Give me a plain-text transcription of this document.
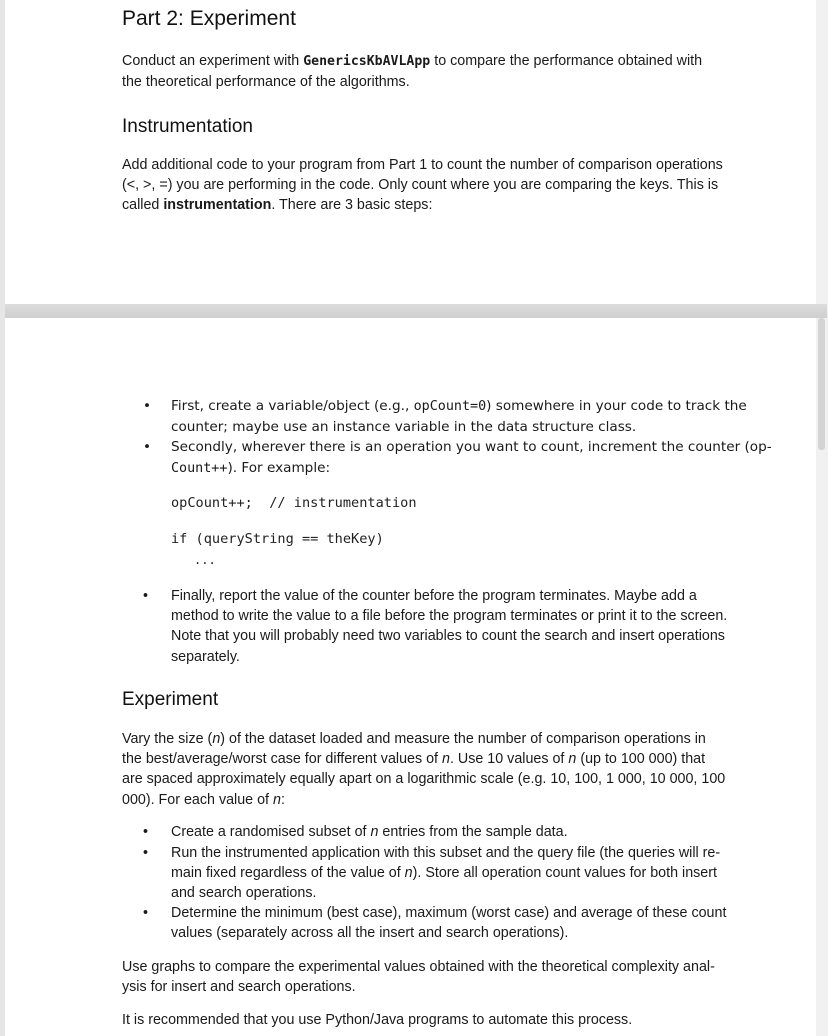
Part 2: Experiment
Conduct an experiment with GenericsKbAVLApp to compare the performance obtained with
the theoretical performance of the algorithms.
Instrumentation
Add additional code to your program from Part 1 to count the number of comparison operations
(<, >, =) you are performing in the code. Only count where you are comparing the keys. This is
called instrumentation. There are 3 basic steps:
• First, create a variable/object (e.g., opCount=0) somewhere in your code to track the
counter; maybe use an instance variable in the data structure class.
• Secondly, wherever there is an operation you want to count, increment the counter (op-
Count++). For example:
opCount++;  // instrumentation
if (queryString == theKey)
...
• Finally, report the value of the counter before the program terminates. Maybe add a
method to write the value to a file before the program terminates or print it to the screen.
Note that you will probably need two variables to count the search and insert operations
separately.
Experiment
Vary the size (n) of the dataset loaded and measure the number of comparison operations in
the best/average/worst case for different values of n. Use 10 values of n (up to 100 000) that
are spaced approximately equally apart on a logarithmic scale (e.g. 10, 100, 1 000, 10 000, 100
000). For each value of n:
• Create a randomised subset of n entries from the sample data.
• Run the instrumented application with this subset and the query file (the queries will re-
main fixed regardless of the value of n). Store all operation count values for both insert
and search operations.
• Determine the minimum (best case), maximum (worst case) and average of these count
values (separately across all the insert and search operations).
Use graphs to compare the experimental values obtained with the theoretical complexity anal-
ysis for insert and search operations.
It is recommended that you use Python/Java programs to automate this process.
